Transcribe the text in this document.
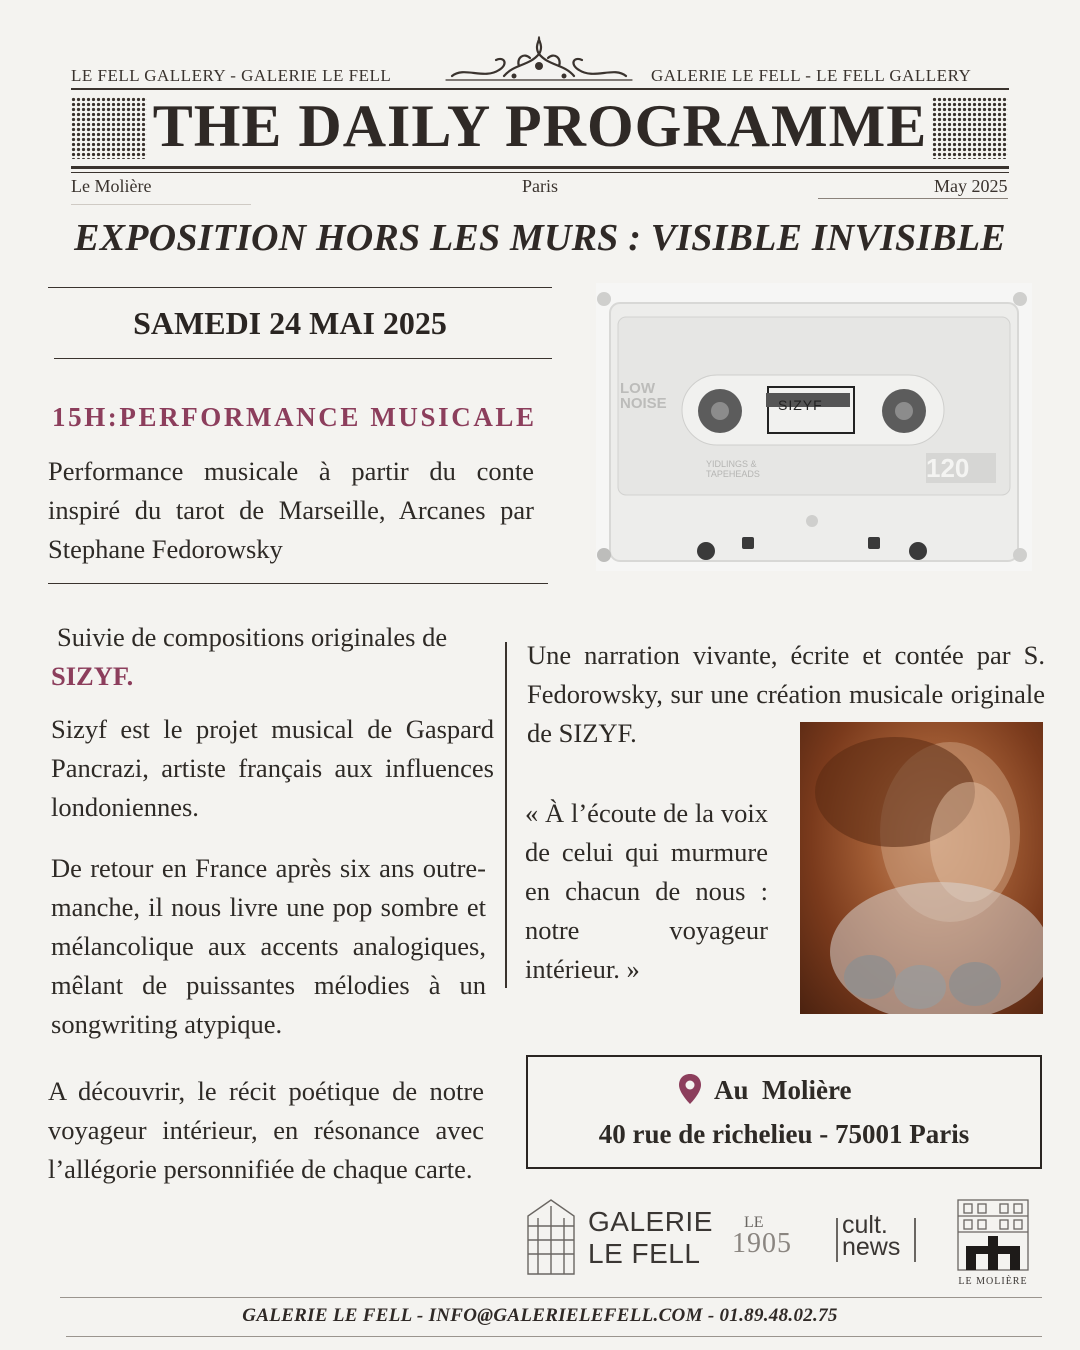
LE FELL GALLERY - GALERIE LE FELL	GALERIE LE FELL - LE FELL GALLERY
THE DAILY PROGRAMME
Le Molière	Paris	May 2025
EXPOSITION HORS LES MURS : VISIBLE INVISIBLE
SAMEDI 24 MAI 2025
15H:PERFORMANCE MUSICALE
Performance musicale à partir du conte inspiré du tarot de Marseille, Arcanes par Stephane Fedorowsky
LOW NOISE	SIZYF
YIDLINGS & TAPEHEADS	120
Suivie de compositions originales de
SIZYF.
Sizyf est le projet musical de Gaspard Pancrazi, artiste français aux influences londoniennes.
De retour en France après six ans outre-manche, il nous livre une pop sombre et mélancolique aux accents analogiques, mêlant de puissantes mélodies à un songwriting atypique.
A découvrir, le récit poétique de notre voyageur intérieur, en résonance avec l’allégorie personnifiée de chaque carte.
Une narration vivante, écrite et contée par S. Fedorowsky, sur une création musicale originale de SIZYF.
« À l’écoute de la voix de celui qui murmure en chacun de nous : notre voyageur intérieur. »
Au  Molière
40 rue de richelieu - 75001 Paris
GALERIE
LE FELL
LE
1905
cult.
news
LE MOLIÈRE
GALERIE LE FELL - INFO@GALERIELEFELL.COM - 01.89.48.02.75
